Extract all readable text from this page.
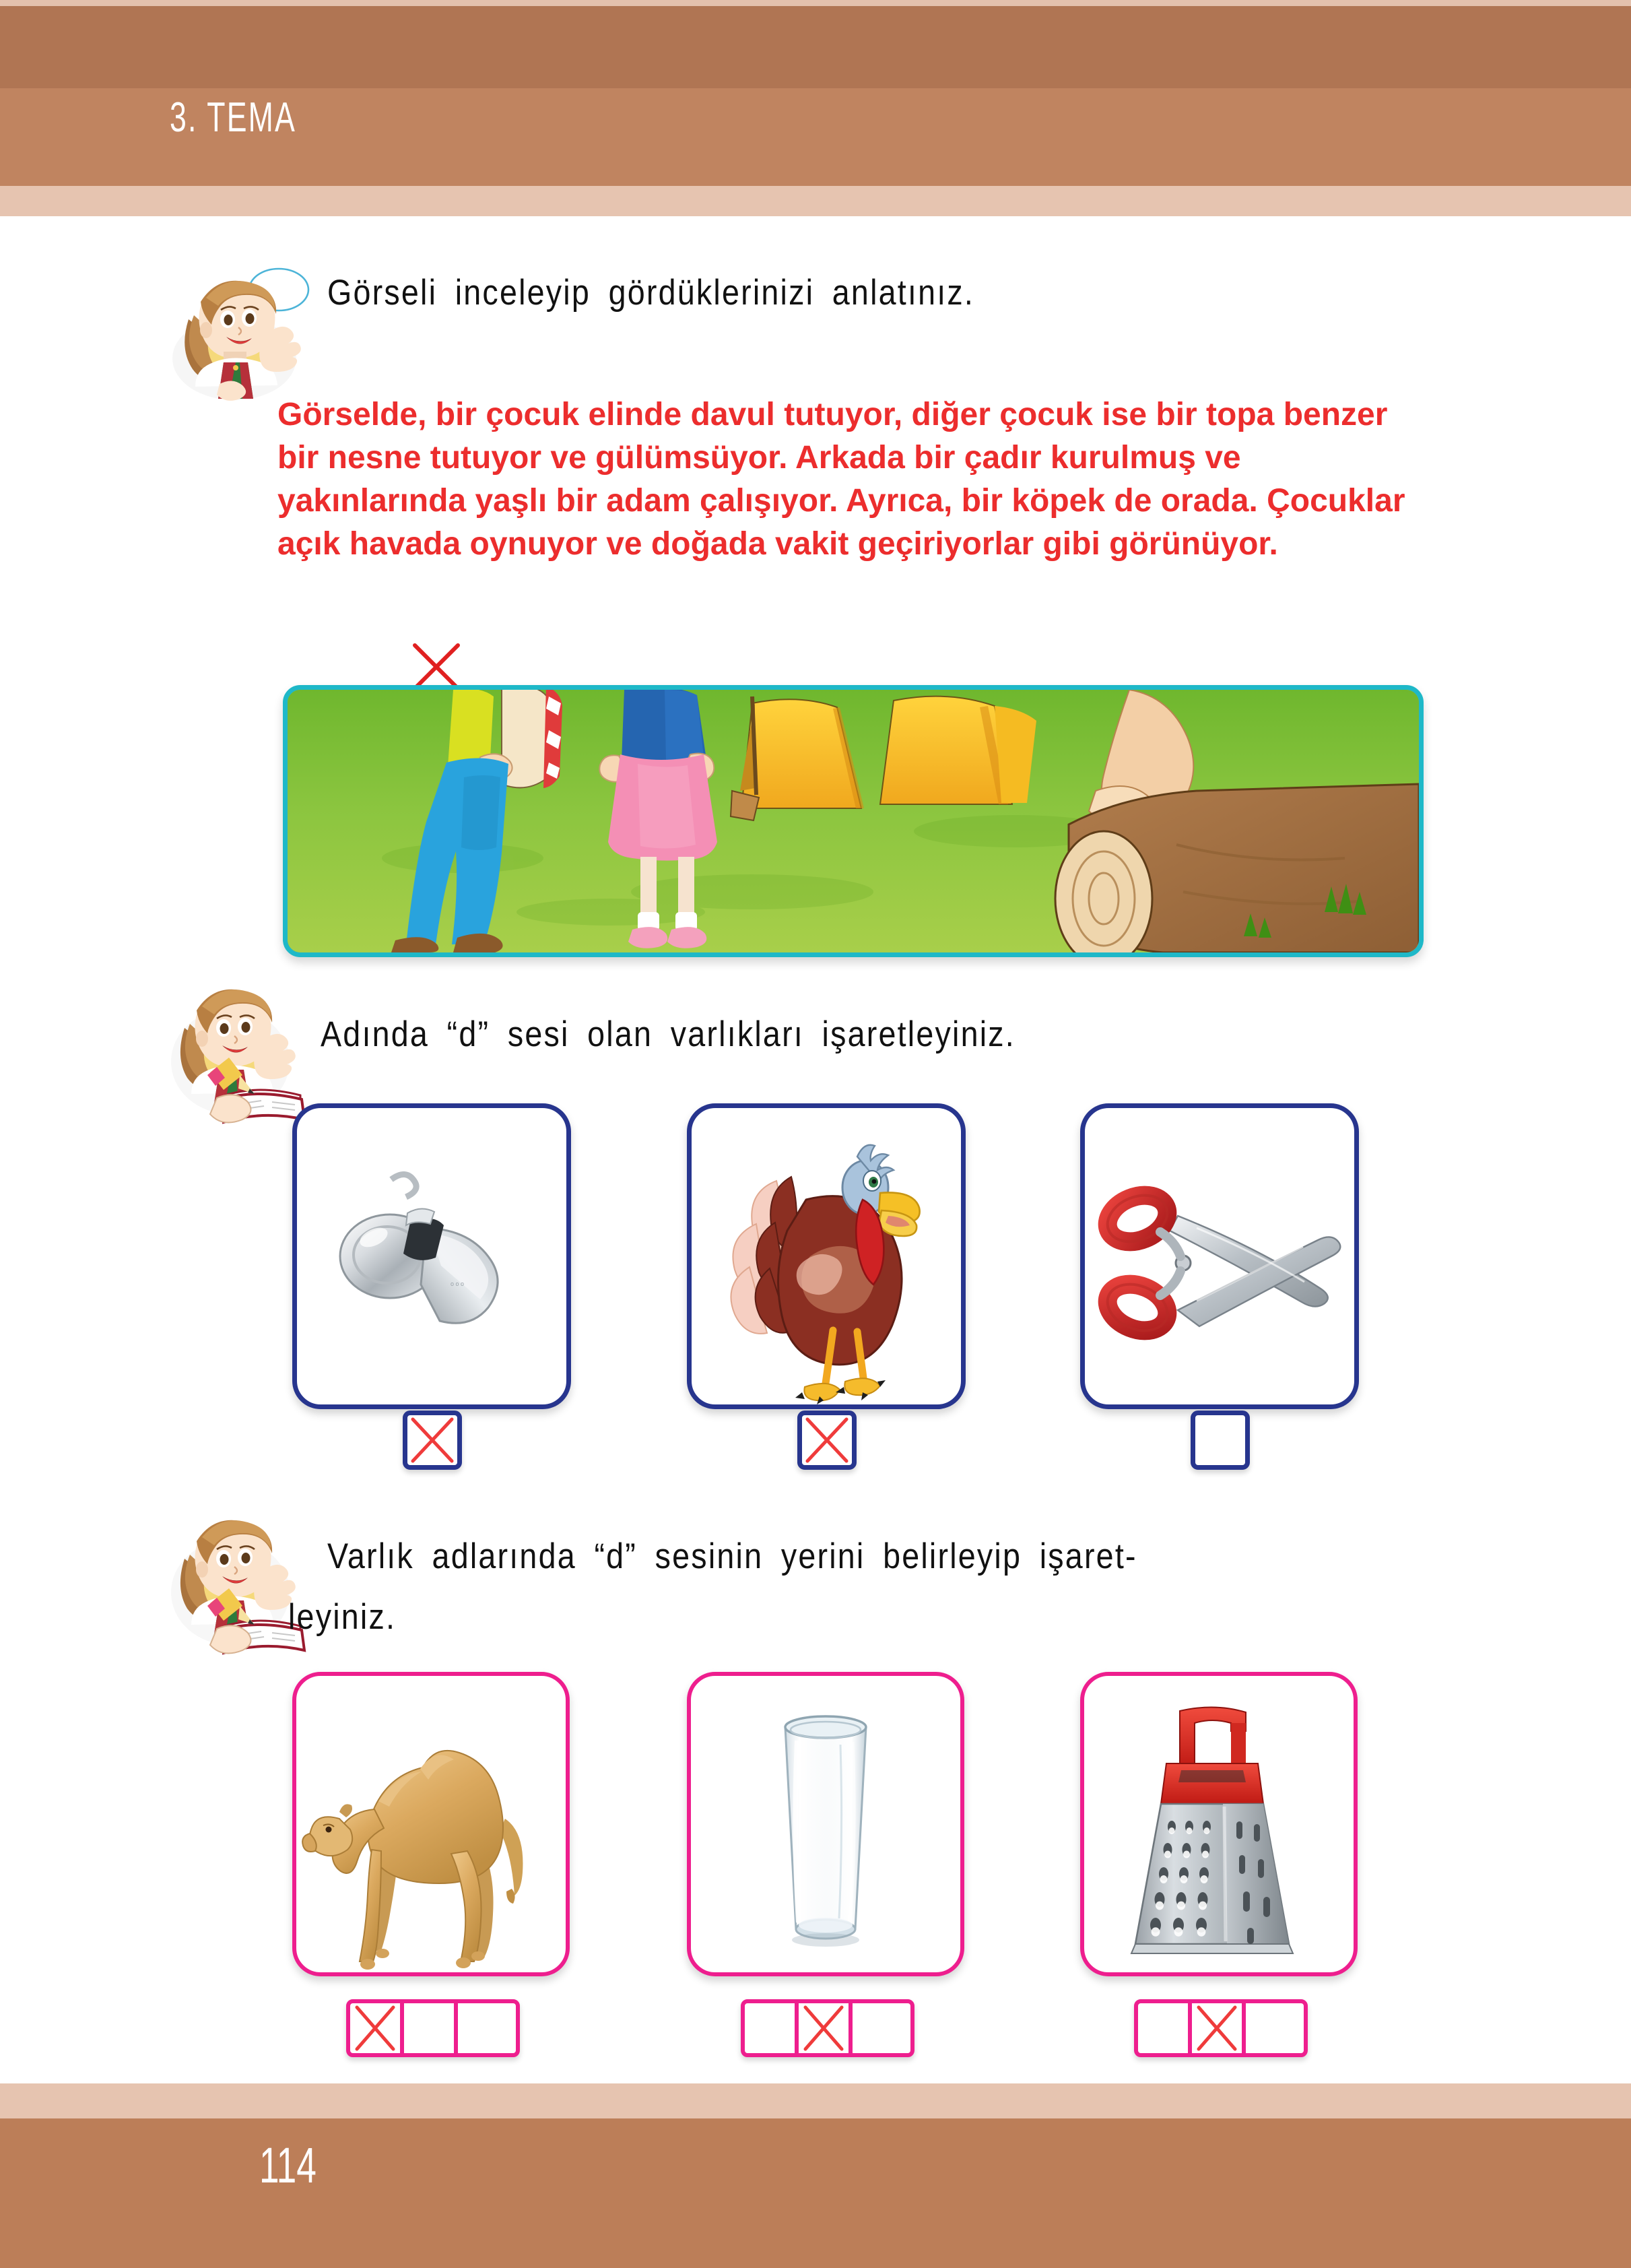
3. TEMA
Görseli inceleyip gördüklerinizi anlatınız.
Görselde, bir çocuk elinde davul tutuyor, diğer çocuk ise bir topa benzer bir nesne tutuyor ve gülümsüyor. Arkada bir çadır kurulmuş ve yakınlarında yaşlı bir adam çalışıyor. Ayrıca, bir köpek de orada. Çocuklar açık havada oynuyor ve doğada vakit geçiriyorlar gibi görünüyor.
Adında “d” sesi olan varlıkları işaretleyiniz.
o o o
Varlık adlarında “d” sesinin yerini belirleyip işaret-
leyiniz.
114
